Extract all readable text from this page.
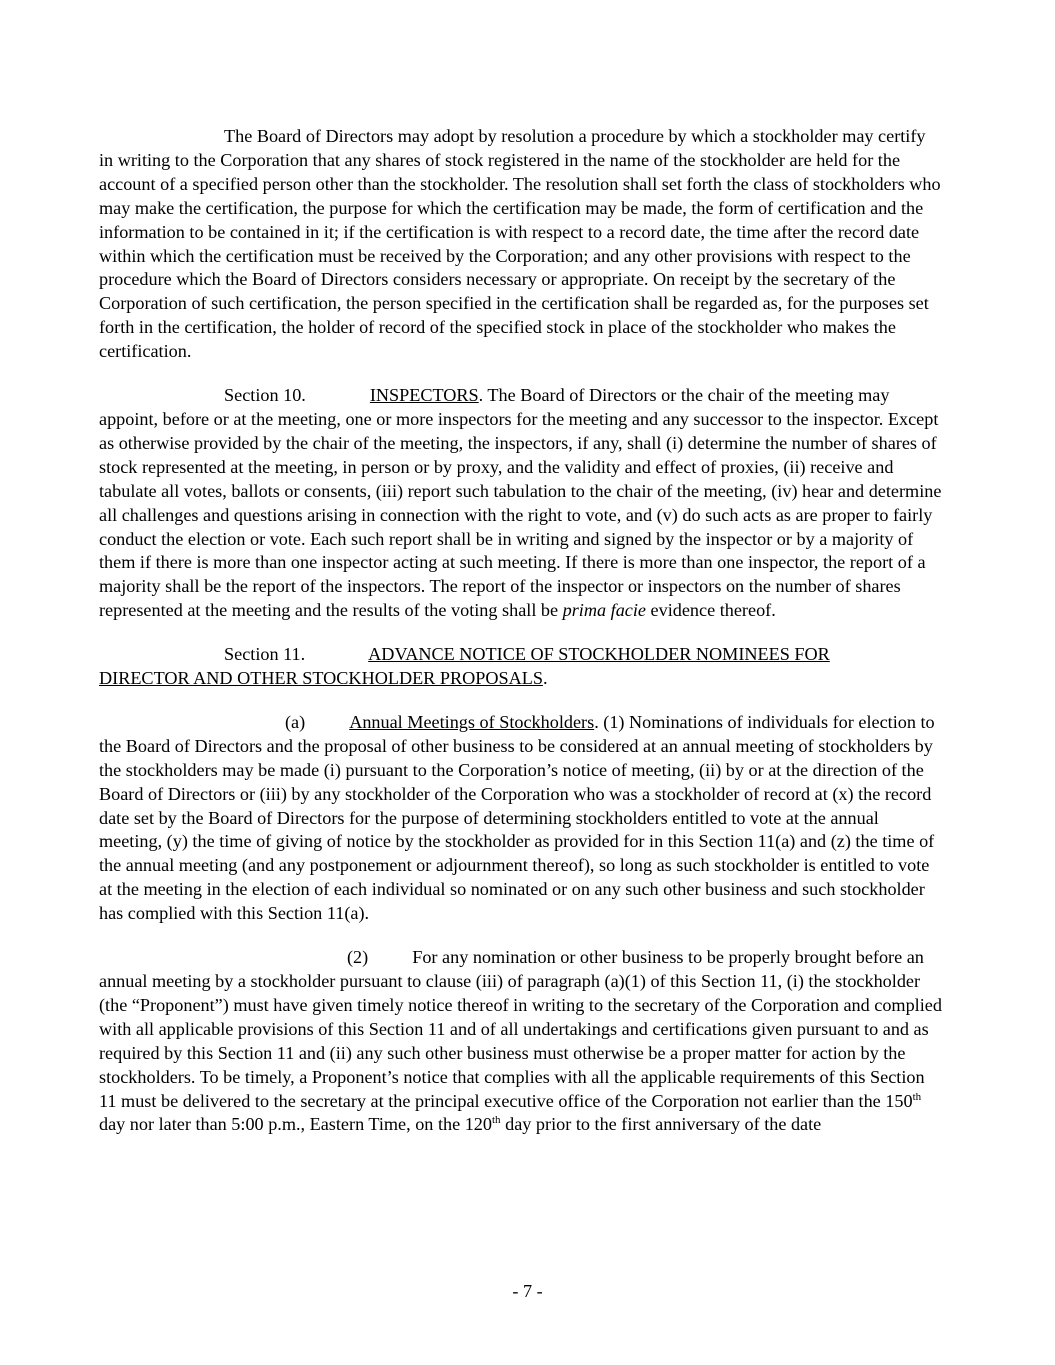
The Board of Directors may adopt by resolution a procedure by which a stockholder may certify in writing to the Corporation that any shares of stock registered in the name of the stockholder are held for the account of a specified person other than the stockholder. The resolution shall set forth the class of stockholders who may make the certification, the purpose for which the certification may be made, the form of certification and the information to be contained in it; if the certification is with respect to a record date, the time after the record date within which the certification must be received by the Corporation; and any other provisions with respect to the procedure which the Board of Directors considers necessary or appropriate. On receipt by the secretary of the Corporation of such certification, the person specified in the certification shall be regarded as, for the purposes set forth in the certification, the holder of record of the specified stock in place of the stockholder who makes the certification.

Section 10.	INSPECTORS. The Board of Directors or the chair of the meeting may appoint, before or at the meeting, one or more inspectors for the meeting and any successor to the inspector. Except as otherwise provided by the chair of the meeting, the inspectors, if any, shall (i) determine the number of shares of stock represented at the meeting, in person or by proxy, and the validity and effect of proxies, (ii) receive and tabulate all votes, ballots or consents, (iii) report such tabulation to the chair of the meeting, (iv) hear and determine all challenges and questions arising in connection with the right to vote, and (v) do such acts as are proper to fairly conduct the election or vote. Each such report shall be in writing and signed by the inspector or by a majority of them if there is more than one inspector acting at such meeting. If there is more than one inspector, the report of a majority shall be the report of the inspectors. The report of the inspector or inspectors on the number of shares represented at the meeting and the results of the voting shall be prima facie evidence thereof.

Section 11.	ADVANCE NOTICE OF STOCKHOLDER NOMINEES FOR
DIRECTOR AND OTHER STOCKHOLDER PROPOSALS.

(a) Annual Meetings of Stockholders. (1) Nominations of individuals for election to the Board of Directors and the proposal of other business to be considered at an annual meeting of stockholders by the stockholders may be made (i) pursuant to the Corporation’s notice of meeting, (ii) by or at the direction of the Board of Directors or (iii) by any stockholder of the Corporation who was a stockholder of record at (x) the record date set by the Board of Directors for the purpose of determining stockholders entitled to vote at the annual meeting, (y) the time of giving of notice by the stockholder as provided for in this Section 11(a) and (z) the time of the annual meeting (and any postponement or adjournment thereof), so long as such stockholder is entitled to vote at the meeting in the election of each individual so nominated or on any such other business and such stockholder has complied with this Section 11(a).

(2) For any nomination or other business to be properly brought before an annual meeting by a stockholder pursuant to clause (iii) of paragraph (a)(1) of this Section 11, (i) the stockholder (the “Proponent”) must have given timely notice thereof in writing to the secretary of the Corporation and complied with all applicable provisions of this Section 11 and of all undertakings and certifications given pursuant to and as required by this Section 11 and (ii) any such other business must otherwise be a proper matter for action by the stockholders. To be timely, a Proponent’s notice that complies with all the applicable requirements of this Section 11 must be delivered to the secretary at the principal executive office of the Corporation not earlier than the 150th day nor later than 5:00 p.m., Eastern Time, on the 120th day prior to the first anniversary of the date

- 7 -
